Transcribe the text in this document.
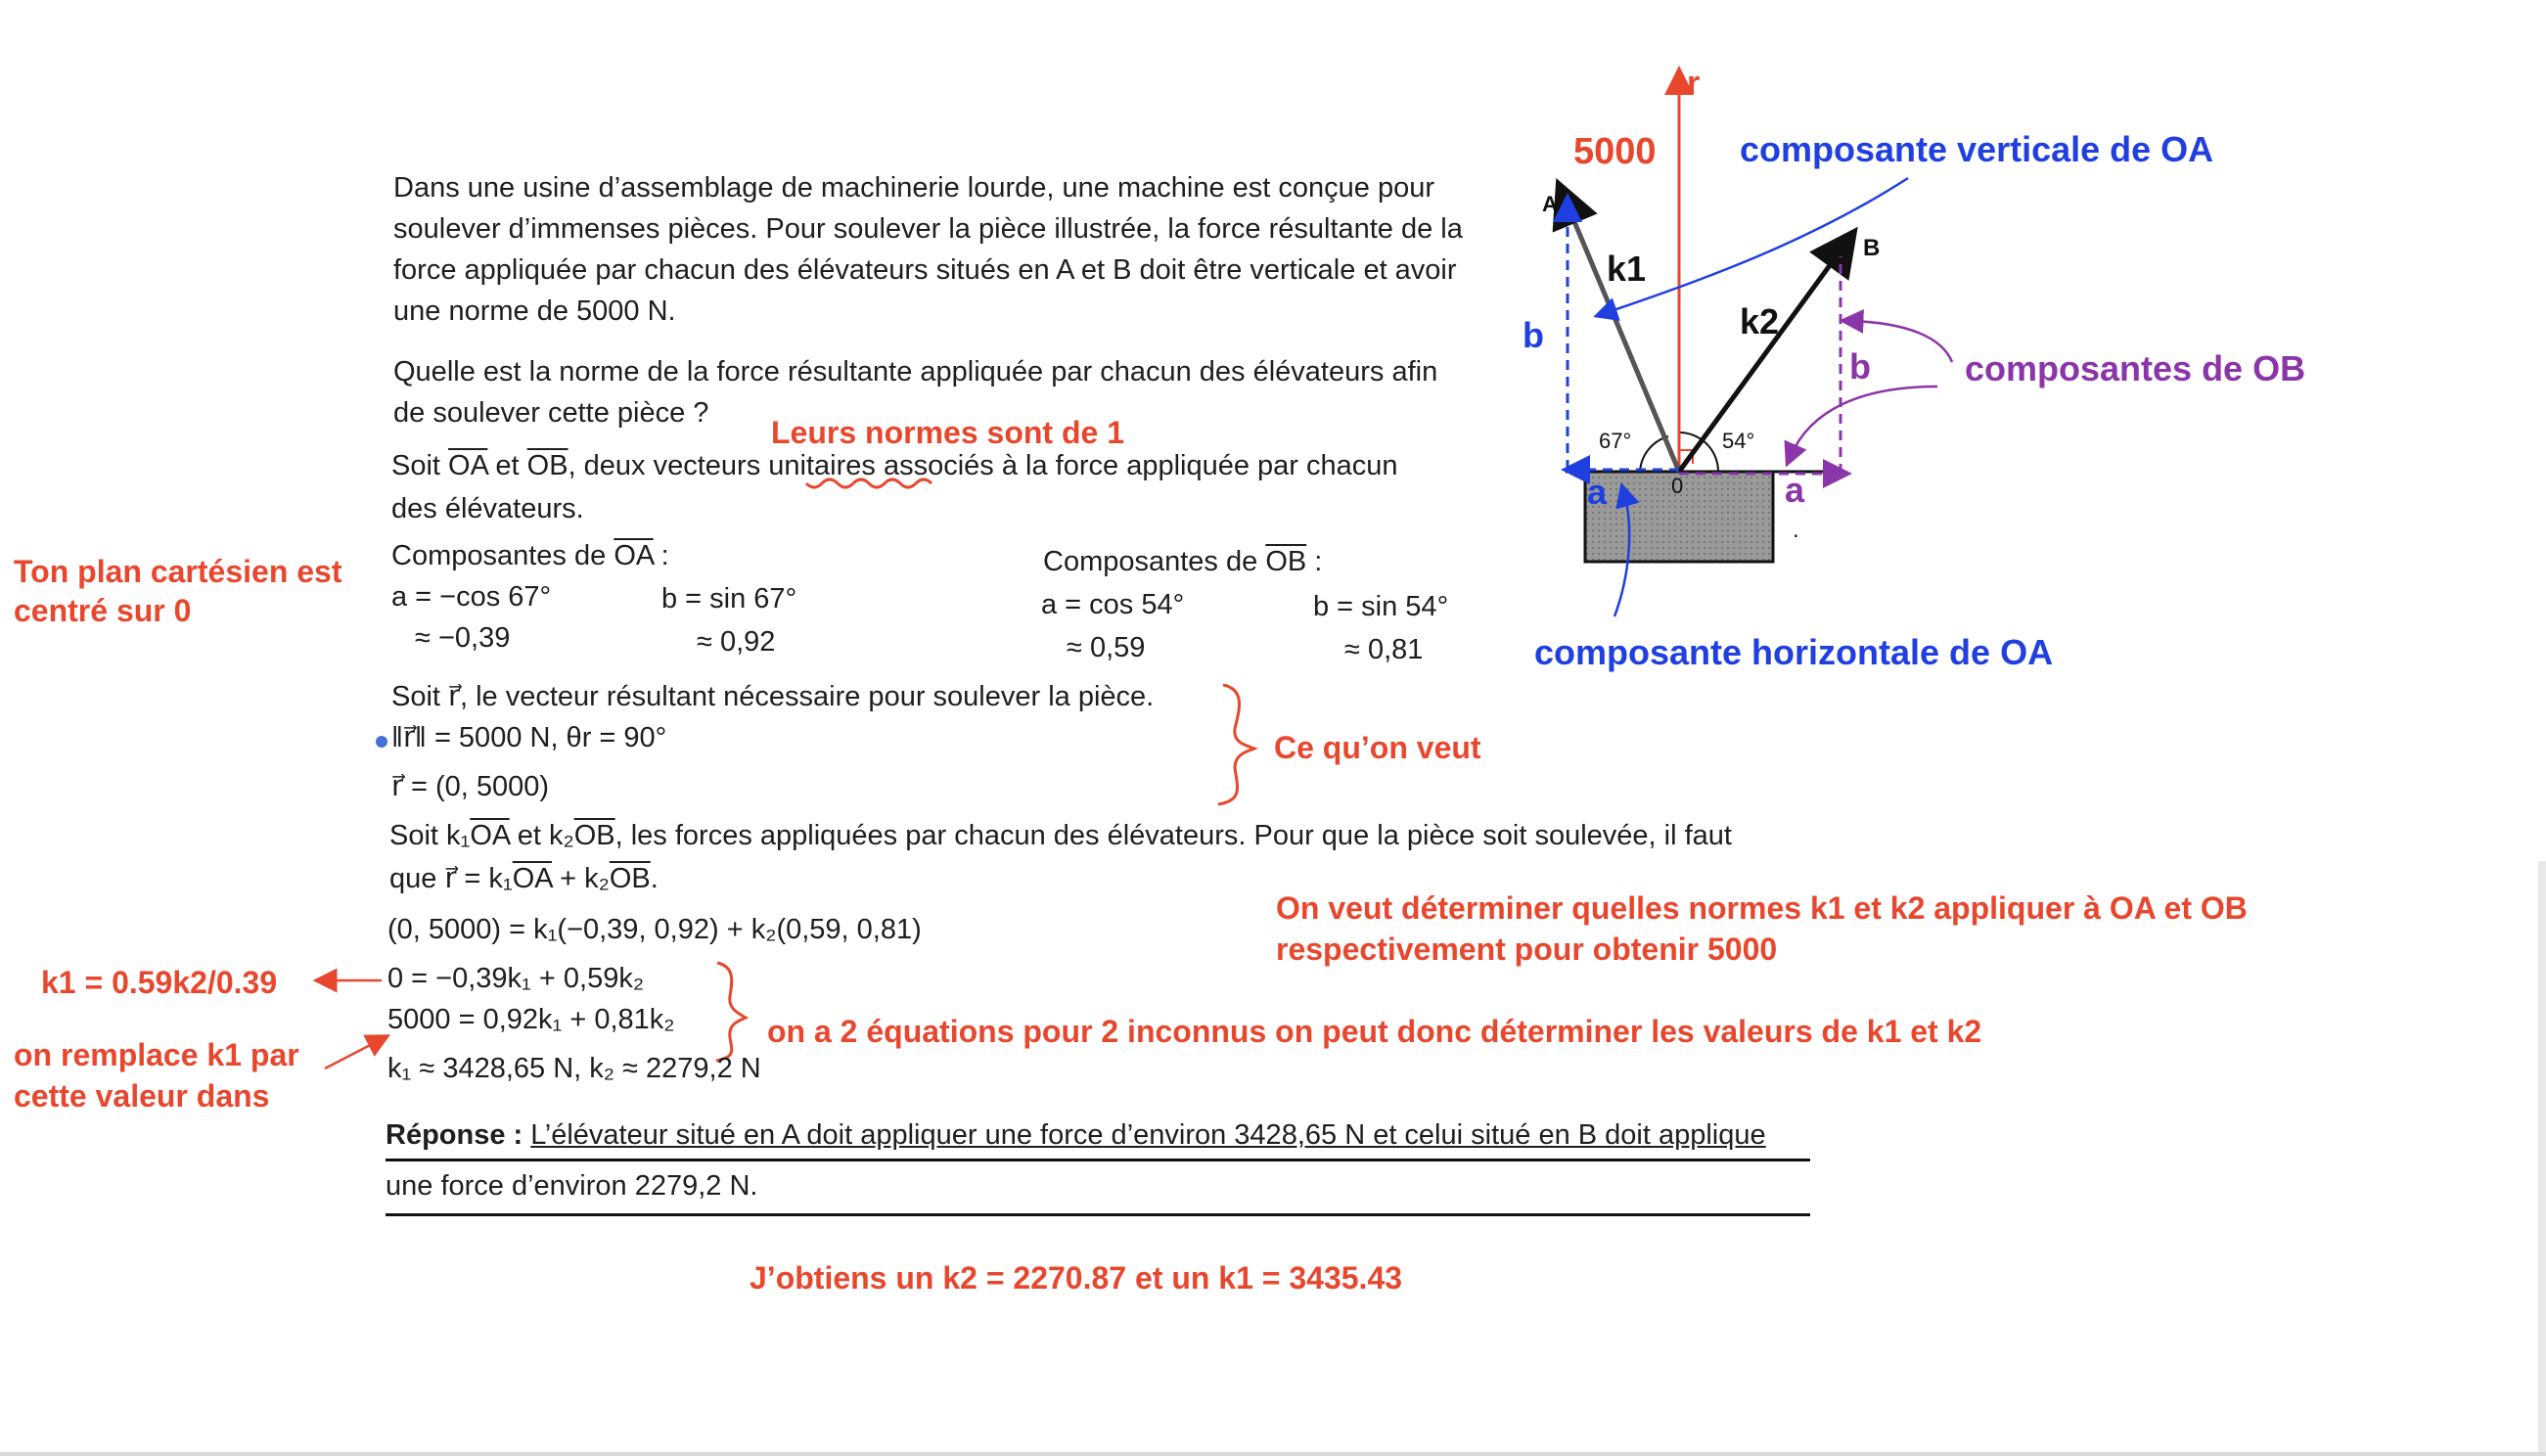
Dans une usine d’assemblage de machinerie lourde, une machine est conçue pour
soulever d’immenses pièces. Pour soulever la pièce illustrée, la force résultante de la
force appliquée par chacun des élévateurs situés en A et B doit être verticale et avoir
une norme de 5000 N.
Quelle est la norme de la force résultante appliquée par chacun des élévateurs afin
de soulever cette pièce ?
Soit $\overline{OA}$ et $\overline{OB}$, deux vecteurs unitaires associés à la force appliquée par chacun
des élévateurs.
Composantes de $\overline{OA}$ :
a = −cos 67°
≈ −0,39
b = sin 67°
≈ 0,92
Composantes de $\overline{OB}$ :
a = cos 54°
≈ 0,59
b = sin 54°
≈ 0,81
Soit r⃗, le vecteur résultant nécessaire pour soulever la pièce.
‖r⃗‖ = 5000 N, θr = 90°
r⃗ = (0, 5000)
Soit $k_1\overline{OA}$ et $k_2\overline{OB}$, les forces appliquées par chacun des élévateurs. Pour que la pièce soit soulevée, il faut
que r⃗ = $k_1\overline{OA} + k_2\overline{OB}$.
(0, 5000) = k₁(−0,39, 0,92) + k₂(0,59, 0,81)
0 = −0,39k₁ + 0,59k₂
5000 = 0,92k₁ + 0,81k₂
k₁ ≈ 3428,65 N, k₂ ≈ 2279,2 N
Réponse : L’élévateur situé en A doit appliquer une force d’environ 3428,65 N et celui situé en B doit applique
une force d’environ 2279,2 N.
Leurs normes sont de 1
Ton plan cartésien est
centré sur 0
Ce qu’on veut
On veut déterminer quelles normes k1 et k2 appliquer à OA et OB
respectivement pour obtenir 5000
k1 = 0.59k2/0.39
on remplace k1 par
cette valeur dans
on a 2 équations pour 2 inconnus on peut donc déterminer les valeurs de k1 et k2
J’obtiens un k2 = 2270.87 et un k1 = 3435.43
r
5000 composante verticale de OA
composantes de OB
composante horizontale de OA
k1
k2
A
B
0
67°	54°
b
b
a	a
.
